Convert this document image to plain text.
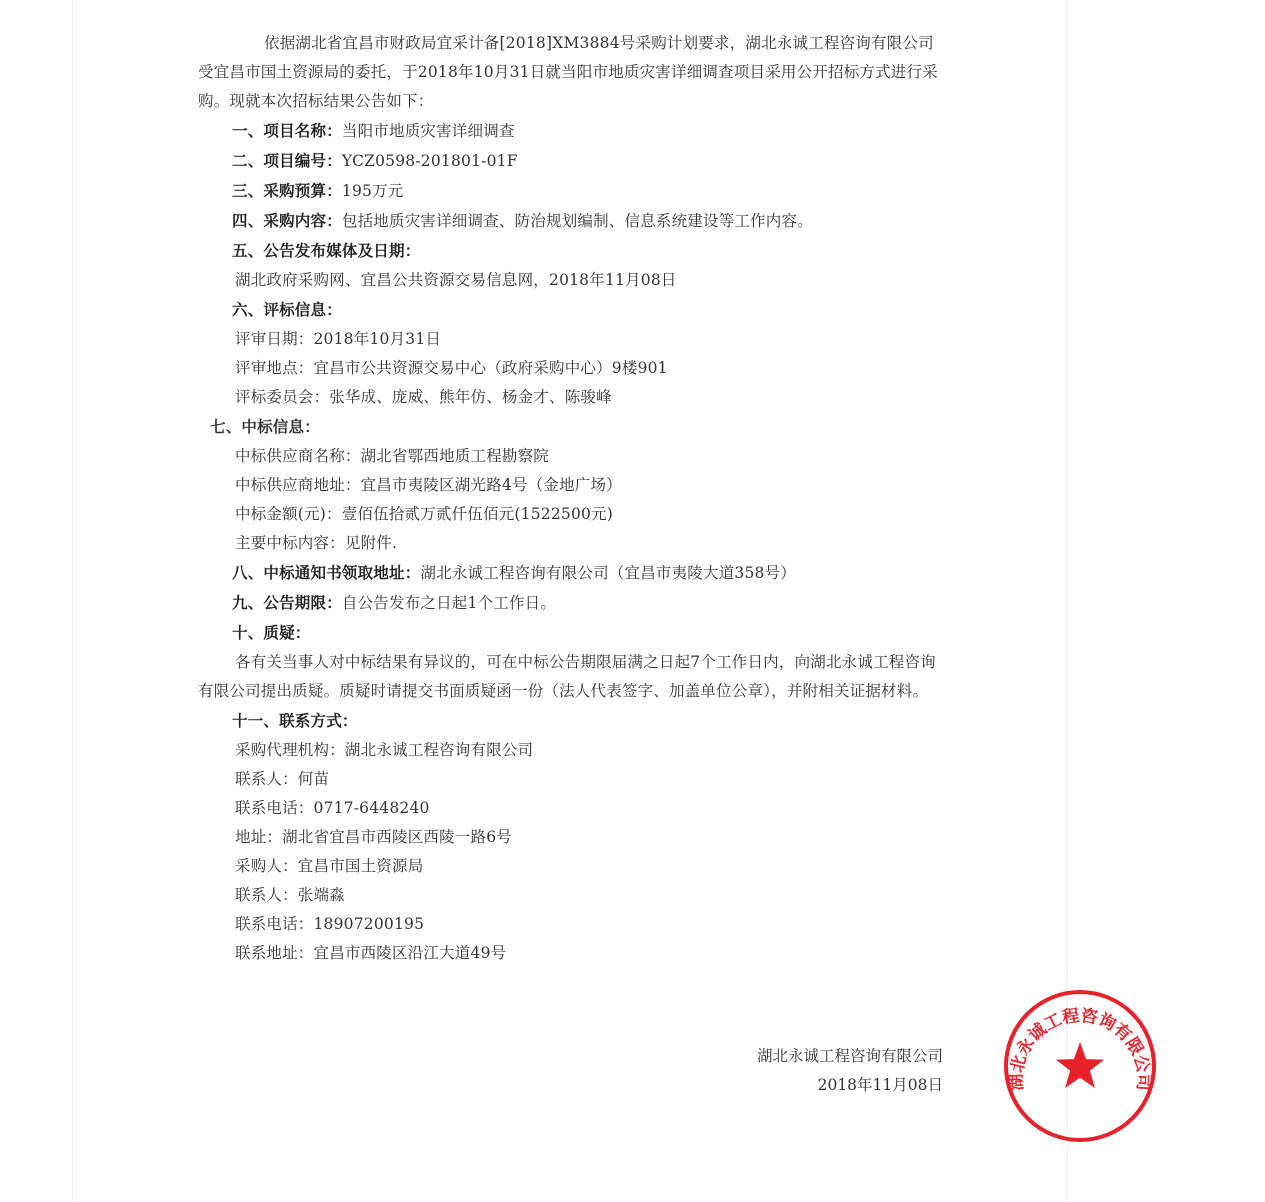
依据湖北省宜昌市财政局宜采计备[2018]XM3884号采购计划要求，湖北永诚工程咨询有限公司受宜昌市国土资源局的委托，于2018年10月31日就当阳市地质灾害详细调查项目采用公开招标方式进行采购。现就本次招标结果公告如下：

一、项目名称：当阳市地质灾害详细调查

二、项目编号：YCZ0598-201801-01F

三、采购预算：195万元

四、采购内容：包括地质灾害详细调查、防治规划编制、信息系统建设等工作内容。

五、公告发布媒体及日期：

湖北政府采购网、宜昌公共资源交易信息网，2018年11月08日

六、评标信息：

评审日期：2018年10月31日

评审地点：宜昌市公共资源交易中心（政府采购中心）9楼901

评标委员会：张华成、庞威、熊年仿、杨金才、陈骏峰

七、中标信息：

中标供应商名称：湖北省鄂西地质工程勘察院

中标供应商地址：宜昌市夷陵区湖光路4号（金地广场）

中标金额(元)：壹佰伍拾贰万贰仟伍佰元(1522500元)

主要中标内容：见附件.

八、中标通知书领取地址：湖北永诚工程咨询有限公司（宜昌市夷陵大道358号）

九、公告期限：自公告发布之日起1个工作日。

十、质疑：

各有关当事人对中标结果有异议的，可在中标公告期限届满之日起7个工作日内，向湖北永诚工程咨询有限公司提出质疑。质疑时请提交书面质疑函一份（法人代表签字、加盖单位公章），并附相关证据材料。

十一、联系方式：

采购代理机构：湖北永诚工程咨询有限公司

联系人：何苗

联系电话：0717-6448240

地址：湖北省宜昌市西陵区西陵一路6号

采购人：宜昌市国土资源局

联系人：张端淼

联系电话：18907200195

联系地址：宜昌市西陵区沿江大道49号

湖北永诚工程咨询有限公司
2018年11月08日	湖北永诚工程咨询有限公司
